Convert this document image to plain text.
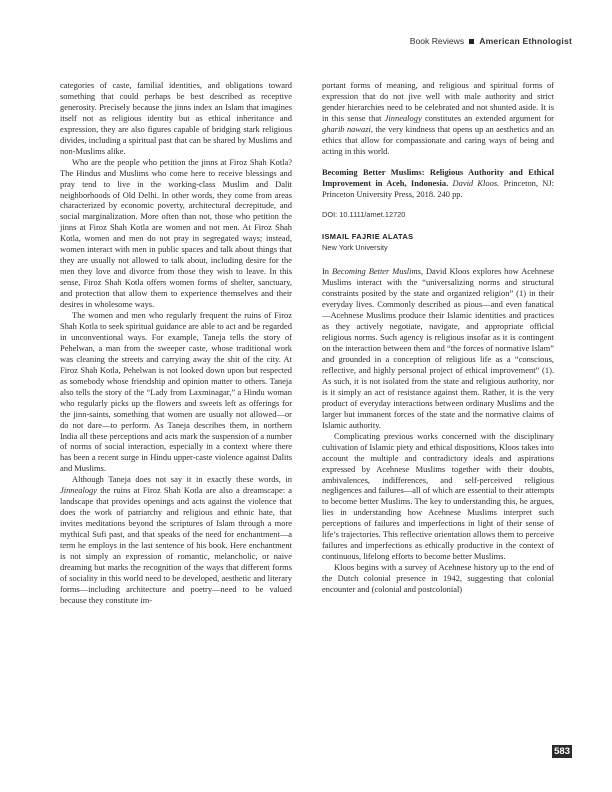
Book Reviews American Ethnologist

categories of caste, familial identities, and obligations toward something that could perhaps be best described as receptive generosity. Precisely because the jinns index an Islam that imagines itself not as religious identity but as ethical inheritance and expression, they are also figures capable of bridging stark religious divides, including a spiritual past that can be shared by Muslims and non-Muslims alike.

Who are the people who petition the jinns at Firoz Shah Kotla? The Hindus and Muslims who come here to receive blessings and pray tend to live in the working-class Muslim and Dalit neighborhoods of Old Delhi. In other words, they come from areas characterized by economic poverty, architectural decrepitude, and social marginalization. More often than not, those who petition the jinns at Firoz Shah Kotla are women and not men. At Firoz Shah Kotla, women and men do not pray in segregated ways; instead, women interact with men in public spaces and talk about things that they are usually not allowed to talk about, including desire for the men they love and divorce from those they wish to leave. In this sense, Firoz Shah Kotla offers women forms of shelter, sanctuary, and protection that allow them to experience themselves and their desires in wholesome ways.

The women and men who regularly frequent the ruins of Firoz Shah Kotla to seek spiritual guidance are able to act and be regarded in unconventional ways. For example, Taneja tells the story of Pehelwan, a man from the sweeper caste, whose traditional work was cleaning the streets and carrying away the shit of the city. At Firoz Shah Kotla, Pehelwan is not looked down upon but respected as somebody whose friendship and opinion matter to others. Taneja also tells the story of the “Lady from Laxminagar,” a Hindu woman who regularly picks up the flowers and sweets left as offerings for the jinn-saints, something that women are usually not allowed—or do not dare—to perform. As Taneja describes them, in northern India all these perceptions and acts mark the suspension of a number of norms of social interaction, especially in a context where there has been a recent surge in Hindu upper-caste violence against Dalits and Muslims.

Although Taneja does not say it in exactly these words, in Jinnealogy the ruins at Firoz Shah Kotla are also a dreamscape: a landscape that provides openings and acts against the violence that does the work of patriarchy and religious and ethnic hate, that invites meditations beyond the scriptures of Islam through a more mythical Sufi past, and that speaks of the need for enchantment—a term he employs in the last sentence of his book. Here enchantment is not simply an expression of romantic, melancholic, or naive dreaming but marks the recognition of the ways that different forms of sociality in this world need to be developed, aesthetic and literary forms—including architecture and poetry—need to be valued because they constitute im-

portant forms of meaning, and religious and spiritual forms of expression that do not jive well with male authority and strict gender hierarchies need to be celebrated and not shunted aside. It is in this sense that Jinnealogy constitutes an extended argument for gharib nawazi, the very kindness that opens up an aesthetics and an ethics that allow for compassionate and caring ways of being and acting in this world.

Becoming Better Muslims: Religious Authority and Ethical Improvement in Aceh, Indonesia. David Kloos. Princeton, NJ: Princeton University Press, 2018. 240 pp.

DOI: 10.1111/amet.12720

ISMAIL FAJRIE ALATAS

New York University

In Becoming Better Muslims, David Kloos explores how Acehnese Muslims interact with the “universalizing norms and structural constraints posited by the state and organized religion” (1) in their everyday lives. Commonly described as pious—and even fanatical—Acehnese Muslims produce their Islamic identities and practices as they actively negotiate, navigate, and appropriate official religious norms. Such agency is religious insofar as it is contingent on the interaction between them and “the forces of normative Islam” and grounded in a conception of religious life as a “conscious, reflective, and highly personal project of ethical improvement” (1). As such, it is not isolated from the state and religious authority, nor is it simply an act of resistance against them. Rather, it is the very product of everyday interactions between ordinary Muslims and the larger but immanent forces of the state and the normative claims of Islamic authority.

Complicating previous works concerned with the disciplinary cultivation of Islamic piety and ethical dispositions, Kloos takes into account the multiple and contradictory ideals and aspirations expressed by Acehnese Muslims together with their doubts, ambivalences, indifferences, and self-perceived religious negligences and failures—all of which are essential to their attempts to become better Muslims. The key to understanding this, he argues, lies in understanding how Acehnese Muslims interpret such perceptions of failures and imperfections in light of their sense of life’s trajectories. This reflective orientation allows them to perceive failures and imperfections as ethically productive in the context of continuous, lifelong efforts to become better Muslims.

Kloos begins with a survey of Acehnese history up to the end of the Dutch colonial presence in 1942, suggesting that colonial encounter and (colonial and postcolonial)

583
